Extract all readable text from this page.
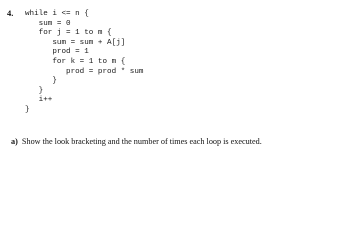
4. while i <= n {
sum = 0
for j = 1 to m {
sum = sum + A[j]
prod = 1
for k = 1 to m {
prod = prod * sum
}
}
i++
}
a) Show the look bracketing and the number of times each loop is executed.
